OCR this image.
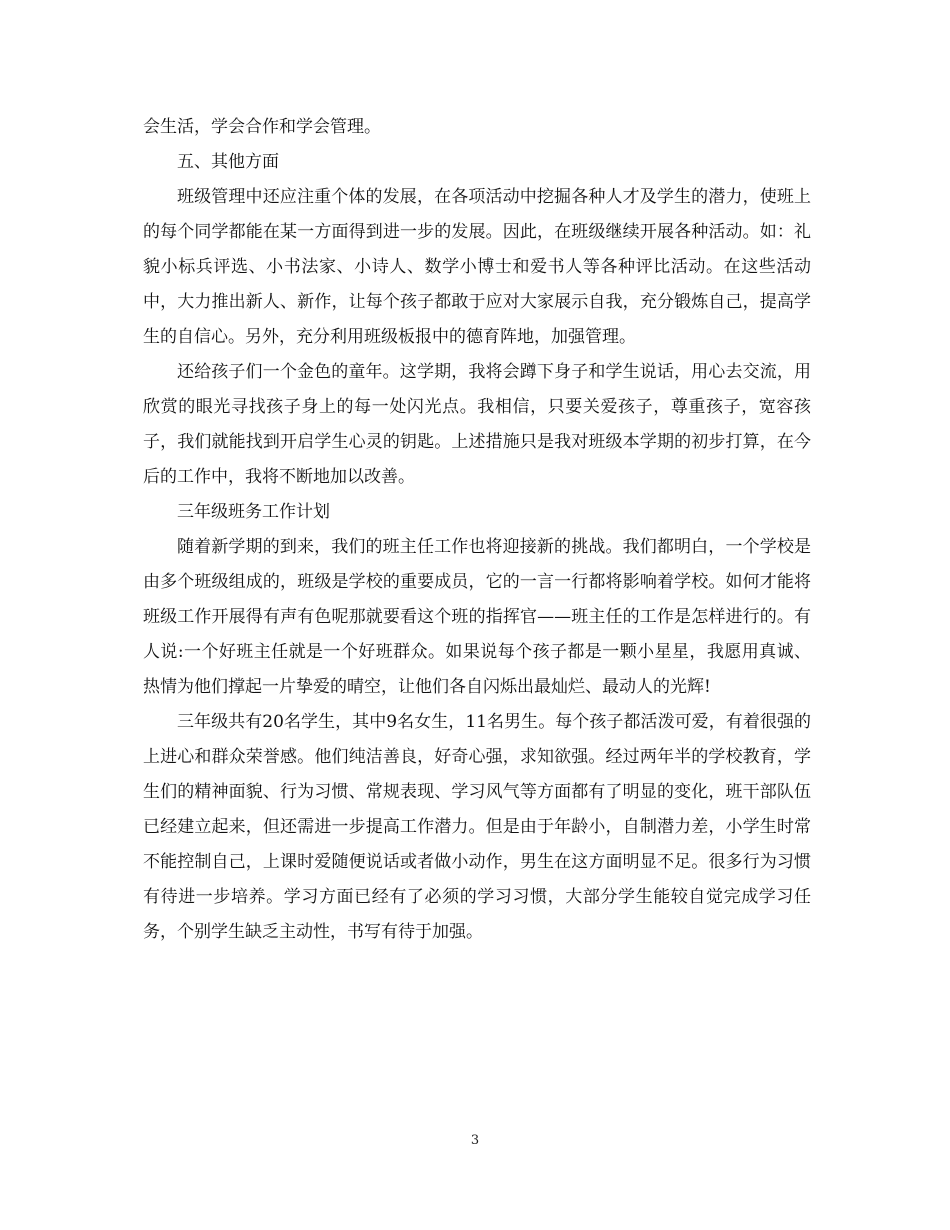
会生活，学会合作和学会管理。

五、其他方面

班级管理中还应注重个体的发展，在各项活动中挖掘各种人才及学生的潜力，使班上的每个同学都能在某一方面得到进一步的发展。因此，在班级继续开展各种活动。如：礼貌小标兵评选、小书法家、小诗人、数学小博士和爱书人等各种评比活动。在这些活动中，大力推出新人、新作，让每个孩子都敢于应对大家展示自我，充分锻炼自己，提高学生的自信心。另外，充分利用班级板报中的德育阵地，加强管理。

还给孩子们一个金色的童年。这学期，我将会蹲下身子和学生说话，用心去交流，用欣赏的眼光寻找孩子身上的每一处闪光点。我相信，只要关爱孩子，尊重孩子，宽容孩子，我们就能找到开启学生心灵的钥匙。上述措施只是我对班级本学期的初步打算，在今后的工作中，我将不断地加以改善。

三年级班务工作计划

随着新学期的到来，我们的班主任工作也将迎接新的挑战。我们都明白，一个学校是由多个班级组成的，班级是学校的重要成员，它的一言一行都将影响着学校。如何才能将班级工作开展得有声有色呢那就要看这个班的指挥官——班主任的工作是怎样进行的。有人说:一个好班主任就是一个好班群众。如果说每个孩子都是一颗小星星，我愿用真诚、热情为他们撑起一片挚爱的晴空，让他们各自闪烁出最灿烂、最动人的光辉!

三年级共有20名学生，其中9名女生，11名男生。每个孩子都活泼可爱，有着很强的上进心和群众荣誉感。他们纯洁善良，好奇心强，求知欲强。经过两年半的学校教育，学生们的精神面貌、行为习惯、常规表现、学习风气等方面都有了明显的变化，班干部队伍已经建立起来，但还需进一步提高工作潜力。但是由于年龄小，自制潜力差，小学生时常不能控制自己，上课时爱随便说话或者做小动作，男生在这方面明显不足。很多行为习惯有待进一步培养。学习方面已经有了必须的学习习惯，大部分学生能较自觉完成学习任务，个别学生缺乏主动性，书写有待于加强。

3
